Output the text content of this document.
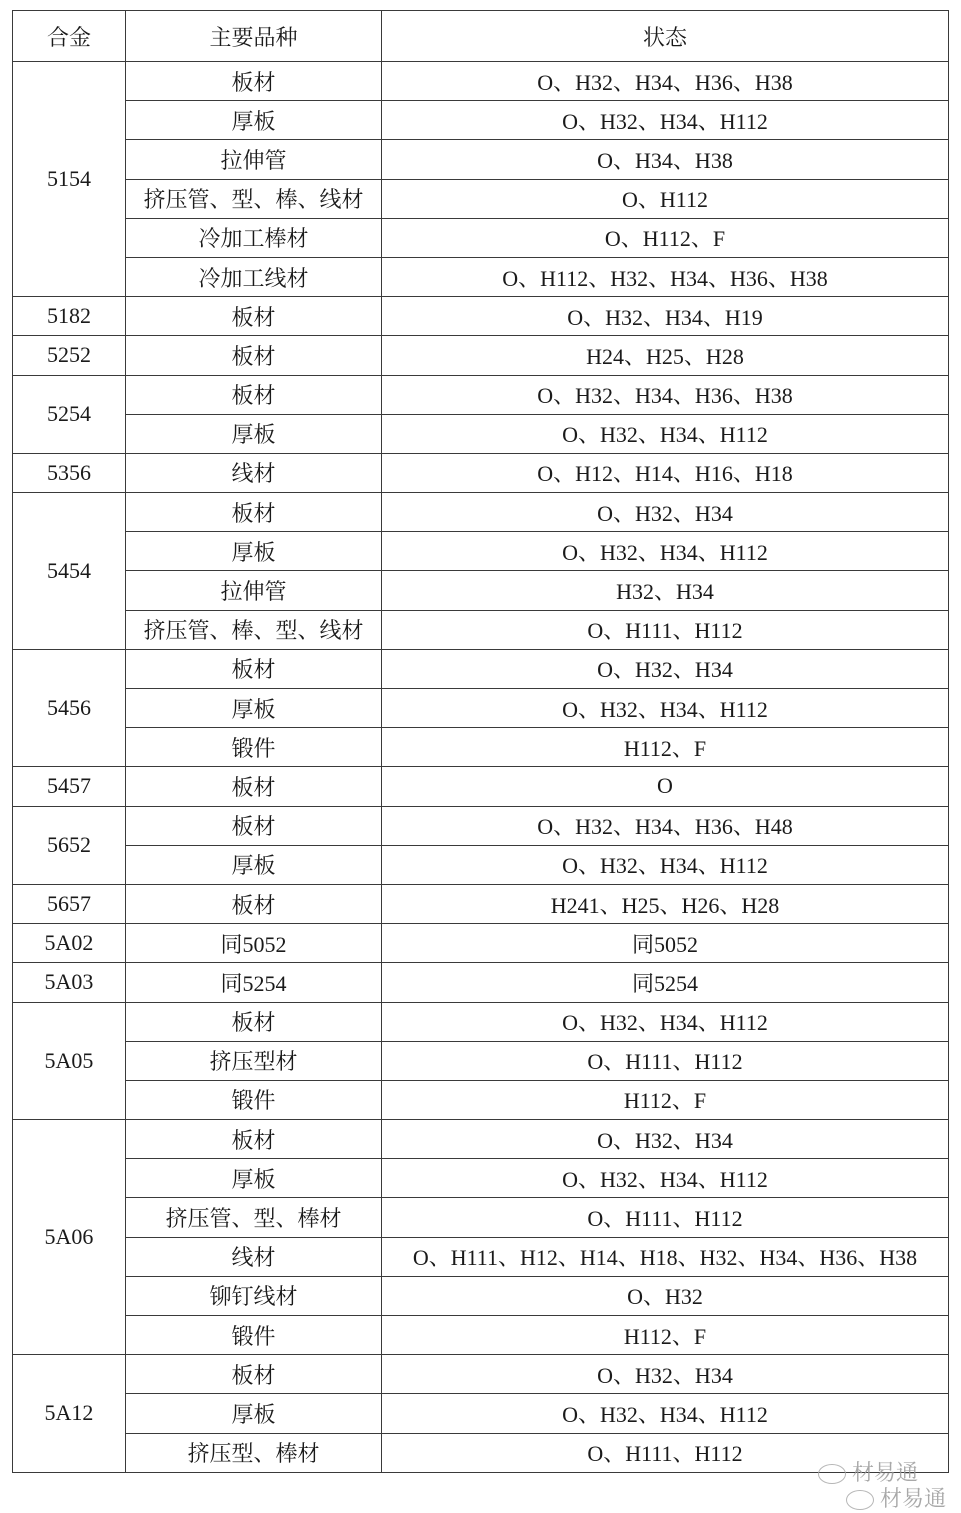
合金	主要品种	状态
5154	板材	O、H32、H34、H36、H38
	厚板	O、H32、H34、H112
	拉伸管	O、H34、H38
	挤压管、型、棒、线材	O、H112
	冷加工棒材	O、H112、F
	冷加工线材	O、H112、H32、H34、H36、H38
5182	板材	O、H32、H34、H19
5252	板材	H24、H25、H28
5254	板材	O、H32、H34、H36、H38
	厚板	O、H32、H34、H112
5356	线材	O、H12、H14、H16、H18
5454	板材	O、H32、H34
	厚板	O、H32、H34、H112
	拉伸管	H32、H34
	挤压管、棒、型、线材	O、H111、H112
5456	板材	O、H32、H34
	厚板	O、H32、H34、H112
	锻件	H112、F
5457	板材	O
5652	板材	O、H32、H34、H36、H48
	厚板	O、H32、H34、H112
5657	板材	H241、H25、H26、H28
5A02	同5052	同5052
5A03	同5254	同5254
5A05	板材	O、H32、H34、H112
	挤压型材	O、H111、H112
	锻件	H112、F
5A06	板材	O、H32、H34
	厚板	O、H32、H34、H112
	挤压管、型、棒材	O、H111、H112
	线材	O、H111、H12、H14、H18、H32、H34、H36、H38
	铆钉线材	O、H32
	锻件	H112、F
5A12	板材	O、H32、H34
	厚板	O、H32、H34、H112
	挤压型、棒材	O、H111、H112
材易通
材易通
